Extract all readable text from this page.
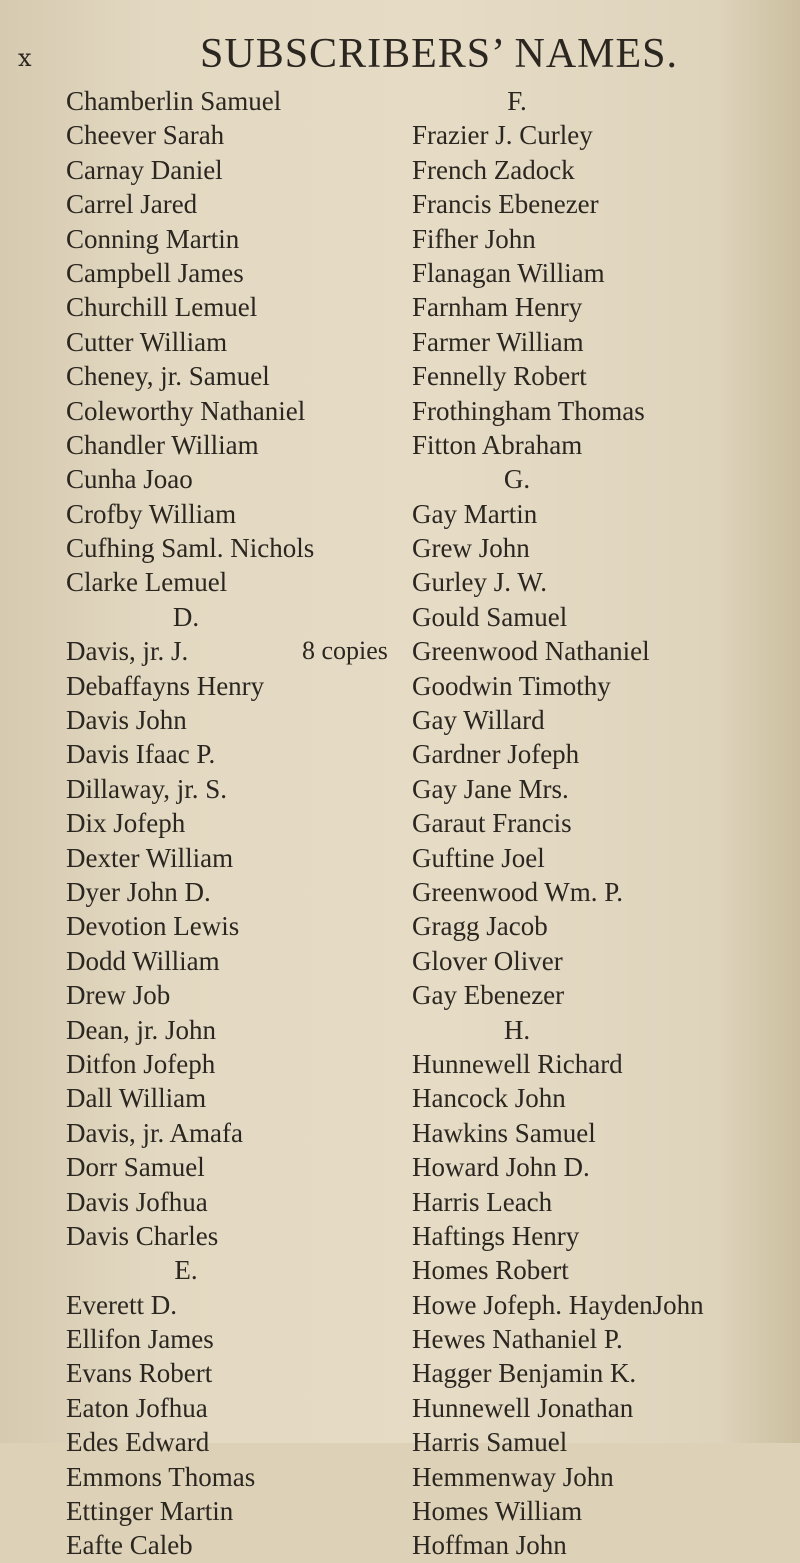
x	SUBSCRIBERS’ NAMES.
Chamberlin Samuel
Cheever Sarah
Carnay Daniel
Carrel Jared
Conning Martin
Campbell James
Churchill Lemuel
Cutter William
Cheney, jr. Samuel
Coleworthy Nathaniel
Chandler William
Cunha Joao
Crofby William
Cufhing Saml. Nichols
Clarke Lemuel
D.
Davis, jr. J.	8 copies
Debaffayns Henry
Davis John
Davis Ifaac P.
Dillaway, jr. S.
Dix Jofeph
Dexter William
Dyer John D.
Devotion Lewis
Dodd William
Drew Job
Dean, jr. John
Ditfon Jofeph
Dall William
Davis, jr. Amafa
Dorr Samuel
Davis Jofhua
Davis Charles
E.
Everett D.
Ellifon James
Evans Robert
Eaton Jofhua
Edes Edward
Emmons Thomas
Ettinger Martin
Eafte Caleb
F.
Frazier J. Curley
French Zadock
Francis Ebenezer
Fifher John
Flanagan William
Farnham Henry
Farmer William
Fennelly Robert
Frothingham Thomas
Fitton Abraham
G.
Gay Martin
Grew John
Gurley J. W.
Gould Samuel
Greenwood Nathaniel
Goodwin Timothy
Gay Willard
Gardner Jofeph
Gay Jane Mrs.
Garaut Francis
Guftine Joel
Greenwood Wm. P.
Gragg Jacob
Glover Oliver
Gay Ebenezer
H.
Hunnewell Richard
Hancock John
Hawkins Samuel
Howard John D.
Harris Leach
Haftings Henry
Homes Robert
Howe Jofeph. HaydenJohn
Hewes Nathaniel P.
Hagger Benjamin K.
Hunnewell Jonathan
Harris Samuel
Hemmenway John
Homes William
Hoffman John
